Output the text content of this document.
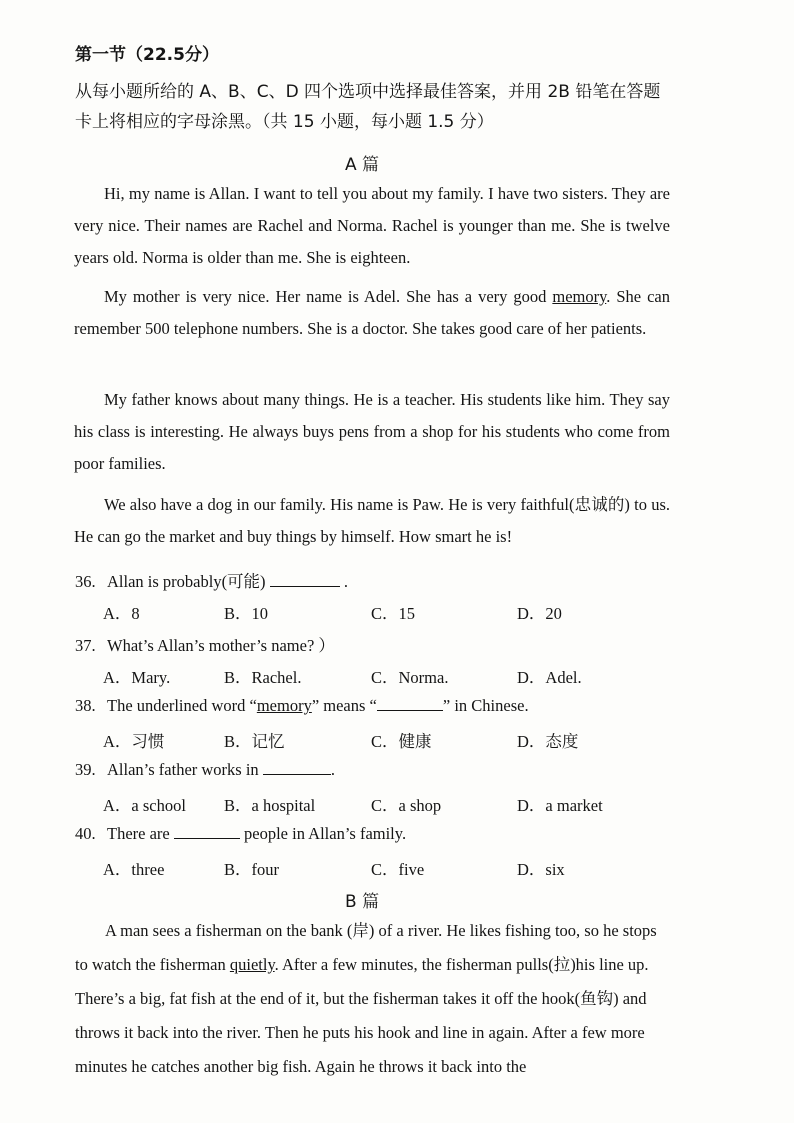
第一节（22.5分）
从每小题所给的 A、B、C、D 四个选项中选择最佳答案，并用 2B 铅笔在答题
卡上将相应的字母涂黑。（共 15 小题，每小题 1.5 分）
A 篇

Hi, my name is Allan. I want to tell you about my family. I have two sisters. They are very nice. Their names are Rachel and Norma. Rachel is younger than me. She is twelve years old. Norma is older than me. She is eighteen.

My mother is very nice. Her name is Adel. She has a very good memory. She can remember 500 telephone numbers. She is a doctor. She takes good care of her patients.

My father knows about many things. He is a teacher. His students like him. They say his class is interesting. He always buys pens from a shop for his students who come from poor families.

We also have a dog in our family. His name is Paw. He is very faithful(忠诚的) to us. He can go the market and buy things by himself. How smart he is!

36. Allan is probably(可能)	.
A．8	B．10	C．15	D．20
37. What’s Allan’s mother’s name? ）
A．Mary.	B．Rachel.	C．Norma.	D．Adel.
38. The underlined word “memory” means “	” in Chinese.
A．习惯	B．记忆	C．健康	D．态度
39. Allan’s father works in	.
A．a school B．a hospital	C．a shop	D．a market
40. There are	people in Allan’s family.
A．three	B．four	C．five	D．six
B 篇

A man sees a fisherman on the bank (岸) of a river. He likes fishing too, so he stops to watch the fisherman quietly. After a few minutes, the fisherman pulls(拉)his line up. There’s a big, fat fish at the end of it, but the fisherman takes it off the hook(鱼钩) and throws it back into the river. Then he puts his hook and line in again. After a few more minutes he catches another big fish. Again he throws it back into the
